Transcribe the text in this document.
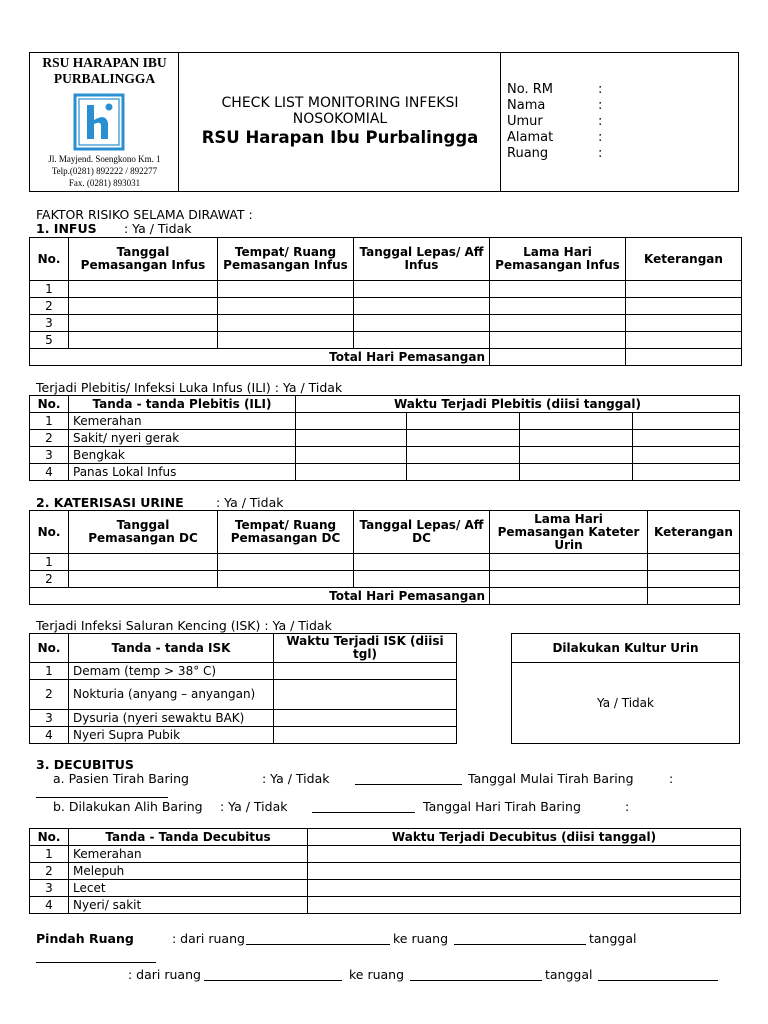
RSU HARAPAN IBU
PURBALINGGA
Jl. Mayjend. Soengkono Km. 1
Telp.(0281) 892222 / 892277
Fax. (0281) 893031
CHECK LIST MONITORING INFEKSI
NOSOKOMIAL
RSU Harapan Ibu Purbalingga
No. RM	:
Nama	:
Umur	:
Alamat	:
Ruang	:
FAKTOR RISIKO SELAMA DIRAWAT :
1. INFUS : Ya / Tidak
No.	Tanggal Pemasangan Infus	Tempat/ Ruang Pemasangan Infus	Tanggal Lepas/ Aff Infus	Lama Hari Pemasangan Infus	Keterangan
1					
2					
3					
5					
Total Hari Pemasangan					
Terjadi Plebitis/ Infeksi Luka Infus (ILI) : Ya / Tidak
No.	Tanda - tanda Plebitis (ILI)	Waktu Terjadi Plebitis (diisi tanggal)			
1	Kemerahan				
2	Sakit/ nyeri gerak				
3	Bengkak				
4	Panas Lokal Infus				
2. KATERISASI URINE	: Ya / Tidak
No.	Tanggal Pemasangan DC	Tempat/ Ruang Pemasangan DC	Tanggal Lepas/ Aff DC	Lama Hari Pemasangan Kateter Urin	Keterangan
1					
2					
Total Hari Pemasangan					
Terjadi Infeksi Saluran Kencing (ISK) : Ya / Tidak
No.	Tanda - tanda ISK	Waktu Terjadi ISK (diisi tgl)
1	Demam (temp > 38° C)	
2	Nokturia (anyang – anyangan)	
3	Dysuria (nyeri sewaktu BAK)	
4	Nyeri Supra Pubik	
Dilakukan Kultur Urin
Ya / Tidak
3. DECUBITUS
a. Pasien Tirah Baring	: Ya / Tidak	Tanggal Mulai Tirah Baring	:
b. Dilakukan Alih Baring : Ya / Tidak	Tanggal Hari Tirah Baring	:
No.	Tanda - Tanda Decubitus	Waktu Terjadi Decubitus (diisi tanggal)
1	Kemerahan	
2	Melepuh	
3	Lecet	
4	Nyeri/ sakit	
Pindah Ruang	: dari ruang	ke ruang	tanggal
: dari ruang	ke ruang	tanggal
